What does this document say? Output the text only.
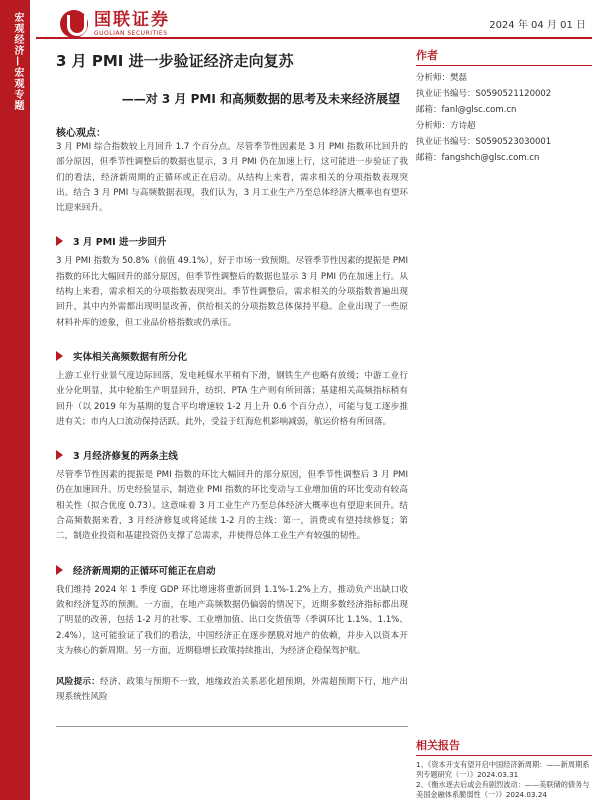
宏观经济—宏观专题	国联证券
GUOLIAN SECURITIES
2024 年 04 月 01 日
3 月 PMI 进一步验证经济走向复苏
——对 3 月 PMI 和高频数据的思考及未来经济展望
作者
分析师：樊磊
执业证书编号：S0590521120002
邮箱：fanl@glsc.com.cn
分析师：方诗超
执业证书编号：S0590523030001
邮箱：fangshch@glsc.com.cn
核心观点：
3 月 PMI 综合指数较上月回升 1.7 个百分点。尽管季节性因素是 3 月 PMI 指数环比回升的部分原因，但季节性调整后的数据也显示，3 月 PMI 仍在加速上行，这可能进一步验证了我们的看法，经济新周期的正循环或正在启动。从结构上来看，需求相关的分项指数表现突出。结合 3 月 PMI 与高频数据表现，我们认为，3 月工业生产乃至总体经济大概率也有望环比迎来回升。
3 月 PMI 进一步回升
3 月 PMI 指数为 50.8%（前值 49.1%），好于市场一致预期。尽管季节性因素的提振是 PMI 指数的环比大幅回升的部分原因，但季节性调整后的数据也显示 3 月 PMI 仍在加速上行。从结构上来看，需求相关的分项指数表现突出。季节性调整后，需求相关的分项指数普遍出现回升，其中内外需都出现明显改善，供给相关的分项指数总体保持平稳。企业出现了一些原材料补库的迹象，但工业品价格指数或仍承压。
实体相关高频数据有所分化
上游工业行业景气度边际回落，发电耗煤水平稍有下滑，钢铁生产也略有放缓；中游工业行业分化明显，其中轮胎生产明显回升，纺织、PTA 生产则有所回落；基建相关高频指标稍有回升（以 2019 年为基期的复合平均增速较 1-2 月上升 0.6 个百分点），可能与复工逐步推进有关；市内人口流动保持活跃。此外，受益于红海危机影响减弱，航运价格有所回落。
3 月经济修复的两条主线
尽管季节性因素的提振是 PMI 指数的环比大幅回升的部分原因，但季节性调整后 3 月 PMI 仍在加速回升。历史经验显示，制造业 PMI 指数的环比变动与工业增加值的环比变动有较高相关性（拟合优度 0.73）。这意味着 3 月工业生产乃至总体经济大概率也有望迎来回升。结合高频数据来看，3 月经济修复或将延续 1-2 月的主线：第一，消费或有望持续修复；第二，制造业投资和基建投资仍支撑了总需求，并使得总体工业生产有较强的韧性。
经济新周期的正循环可能正在启动
我们维持 2024 年 1 季度 GDP 环比增速将重新回到 1.1%-1.2%上方，推动负产出缺口收敛和经济复苏的预测。一方面，在地产高频数据仍偏弱的情况下，近期多数经济指标都出现了明显的改善，包括 1-2 月的社零、工业增加值、出口交货值等（季调环比 1.1%、1.1%、2.4%），这可能验证了我们的看法，中国经济正在逐步摆脱对地产的依赖，并步入以资本开支为核心的新周期。另一方面，近期稳增长政策持续推出，为经济企稳保驾护航。
风险提示：经济、政策与预期不一致，地缘政治关系恶化超预期，外需超预期下行，地产出现系统性风险
相关报告
1、《资本开支有望开启中国经济新周期：——新周期系列专题研究（一）》2024.03.31
2、《衡水逐去后或会有剧烈波动：——美联储的债务与美国金融体系脆弱性（一）》2024.03.24
